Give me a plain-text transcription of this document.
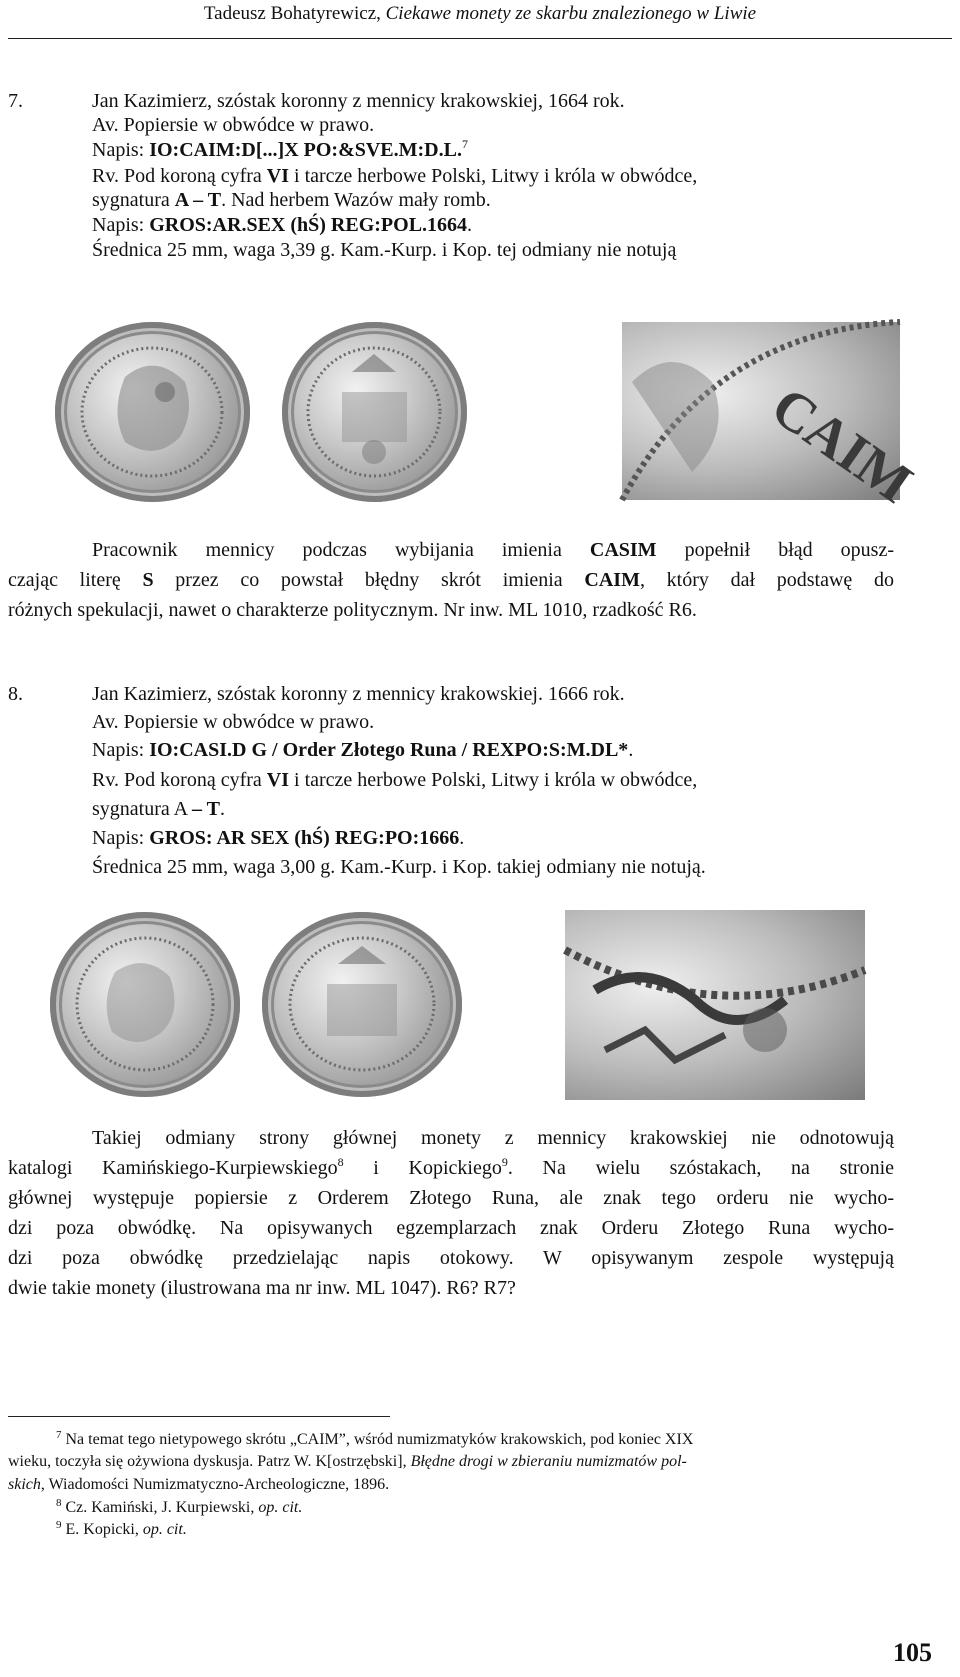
Tadeusz Bohatyrewicz, Ciekawe monety ze skarbu znalezionego w Liwie
7.	Jan Kazimierz, szóstak koronny z mennicy krakowskiej, 1664 rok.
Av. Popiersie w obwódce w prawo.
Napis: IO:CAIM:D[...]X PO:&SVE.M:D.L.$^7$
Rv. Pod koroną cyfra VI i tarcze herbowe Polski, Litwy i króla w obwódce,
sygnatura A – T. Nad herbem Wazów mały romb.
Napis: GROS:AR.SEX (hŚ) REG:POL.1664.
Średnica 25 mm, waga 3,39 g. Kam.-Kurp. i Kop. tej odmiany nie notują
CAIM
Pracownik mennicy podczas wybijania imienia CASIM popełnił błąd opusz-
czając literę S przez co powstał błędny skrót imienia CAIM, który dał podstawę do
różnych spekulacji, nawet o charakterze politycznym. Nr inw. ML 1010, rzadkość R6.
8.	Jan Kazimierz, szóstak koronny z mennicy krakowskiej. 1666 rok.
Av. Popiersie w obwódce w prawo.
Napis: IO:CASI.D G / Order Złotego Runa / REXPO:S:M.DL*.
Rv. Pod koroną cyfra VI i tarcze herbowe Polski, Litwy i króla w obwódce,
sygnatura A – T.
Napis: GROS: AR SEX (hŚ) REG:PO:1666.
Średnica 25 mm, waga 3,00 g. Kam.-Kurp. i Kop. takiej odmiany nie notują.
Takiej odmiany strony głównej monety z mennicy krakowskiej nie odnotowują
katalogi Kamińskiego-Kurpiewskiego$^8$ i Kopickiego$^9$. Na wielu szóstakach, na stronie
głównej występuje popiersie z Orderem Złotego Runa, ale znak tego orderu nie wycho-
dzi poza obwódkę. Na opisywanych egzemplarzach znak Orderu Złotego Runa wycho-
dzi poza obwódkę przedzielając napis otokowy. W opisywanym zespole występują
dwie takie monety (ilustrowana ma nr inw. ML 1047). R6? R7?
$^7$ Na temat tego nietypowego skrótu „CAIM”, wśród numizmatyków krakowskich, pod koniec XIX
wieku, toczyła się ożywiona dyskusja. Patrz W. K[ostrzębski], Błędne drogi w zbieraniu numizmatów pol-
skich, Wiadomości Numizmatyczno-Archeologiczne, 1896.
$^8$ Cz. Kamiński, J. Kurpiewski, op. cit.
$^9$ E. Kopicki, op. cit.
105
